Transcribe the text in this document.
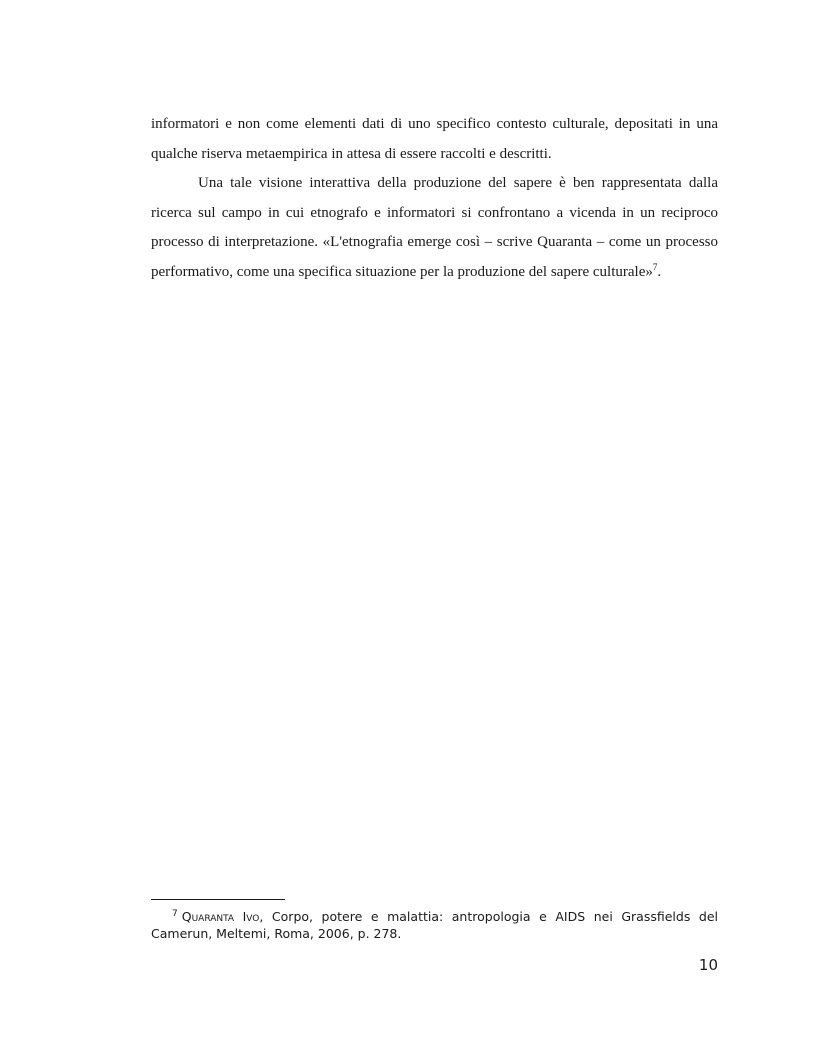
informatori e non come elementi dati di uno specifico contesto culturale, depositati in una qualche riserva metaempirica in attesa di essere raccolti e descritti.

Una tale visione interattiva della produzione del sapere è ben rappresentata dalla ricerca sul campo in cui etnografo e informatori si confrontano a vicenda in un reciproco processo di interpretazione. «L'etnografia emerge così – scrive Quaranta – come un processo performativo, come una specifica situazione per la produzione del sapere culturale»$^7$.

$^7$ Quaranta Ivo, Corpo, potere e malattia: antropologia e AIDS nei Grassfields del Camerun, Meltemi, Roma, 2006, p. 278.
10
